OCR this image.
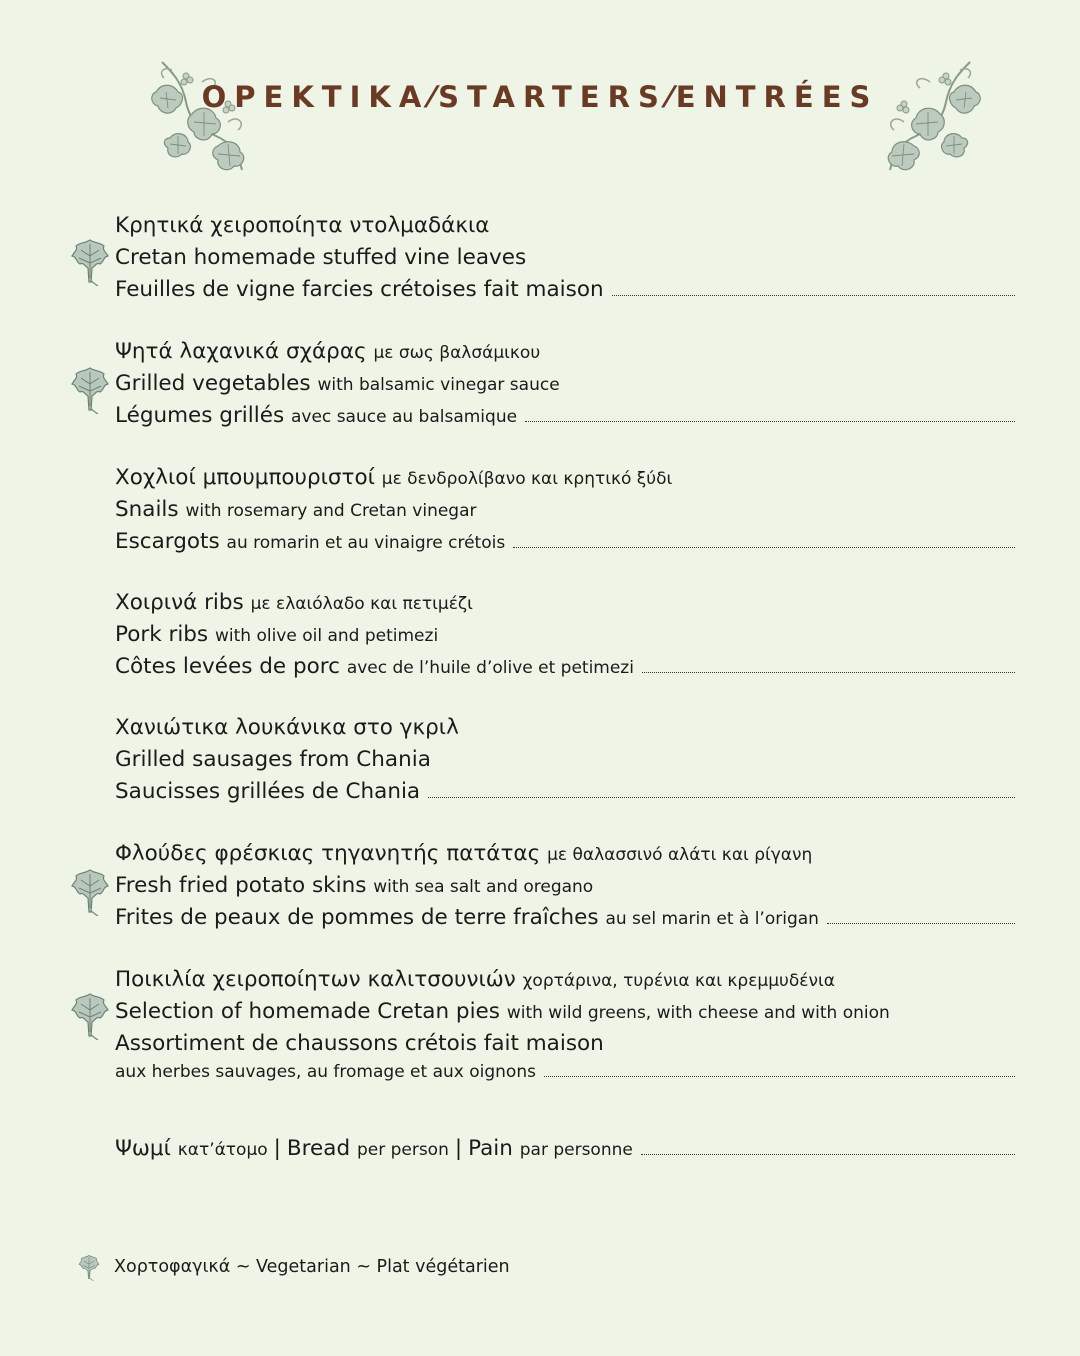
OPEKTIKA⁄ STARTERS⁄ ENTRÉES
Κρητικά χειροποίητα ντολμαδάκια
Cretan homemade stuffed vine leaves
Feuilles de vigne farcies crétoises fait maison
Ψητά λαχανικά σχάρας με σως βαλσάμικου
Grilled vegetables with balsamic vinegar sauce
Légumes grillés avec sauce au balsamique
Χοχλιοί μπουμπουριστοί με δενδρολίβανο και κρητικό ξύδι
Snails with rosemary and Cretan vinegar
Escargots au romarin et au vinaigre crétois
Χοιρινά ribs με ελαιόλαδο και πετιμέζι
Pork ribs with olive oil and petimezi
Côtes levées de porc avec de l’huile d’olive et petimezi
Χανιώτικα λουκάνικα στο γκριλ
Grilled sausages from Chania
Saucisses grillées de Chania
Φλούδες φρέσκιας τηγανητής πατάτας με θαλασσινό αλάτι και ρίγανη
Fresh fried potato skins with sea salt and oregano
Frites de peaux de pommes de terre fraîches au sel marin et à l’origan
Ποικιλία χειροποίητων καλιτσουνιών χορτάρινα, τυρένια και κρεμμυδένια
Selection of homemade Cretan pies with wild greens, with cheese and with onion
Assortiment de chaussons crétois fait maison
aux herbes sauvages, au fromage et aux oignons
Ψωμί κατ’άτομο | Bread per person | Pain par personne
Χορτοφαγικά ~ Vegetarian ~ Plat végétarien
